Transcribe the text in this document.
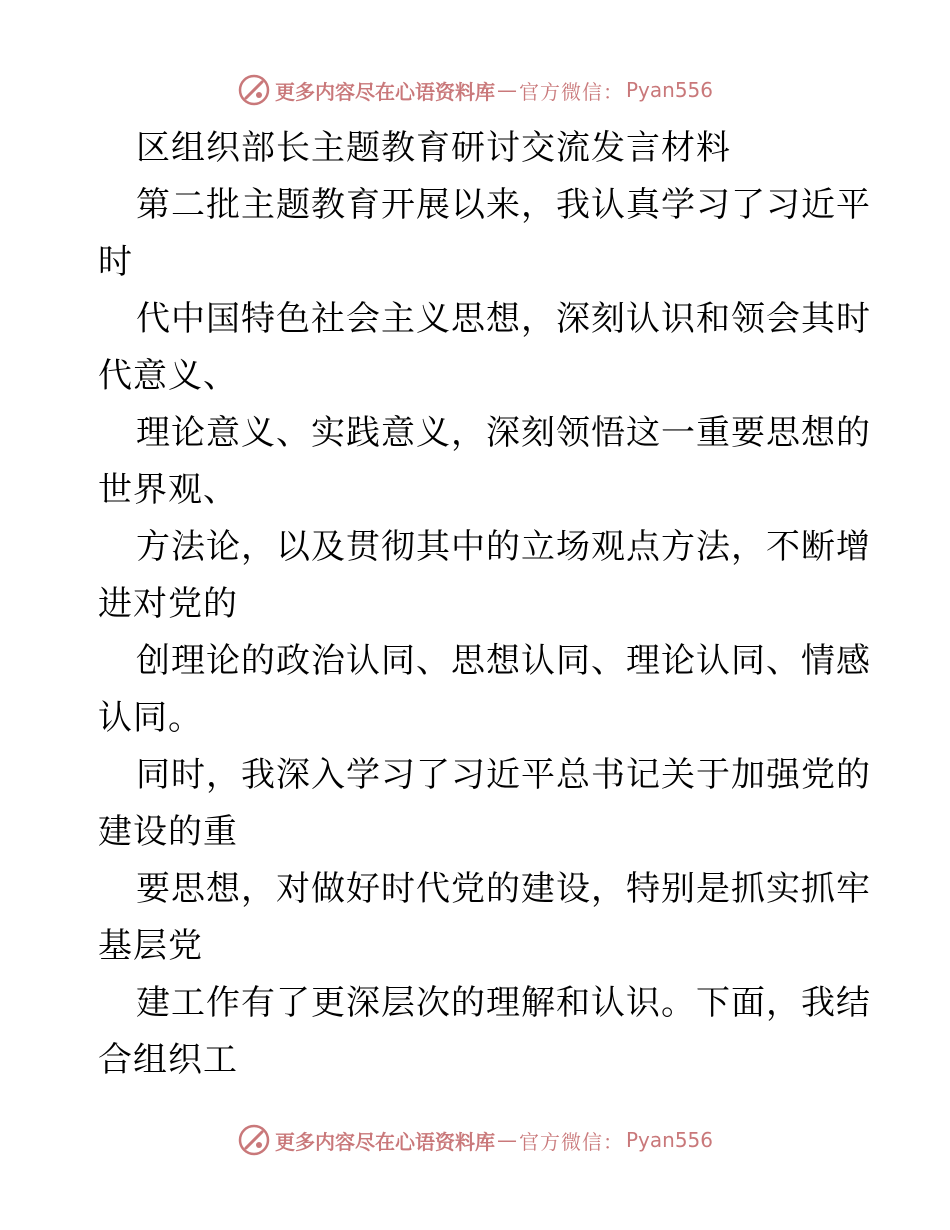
更多内容尽在心语资料库 — 官方微信： Pyan556
区组织部长主题教育研讨交流发言材料
第二批主题教育开展以来，我认真学习了习近平
时
代中国特色社会主义思想，深刻认识和领会其时
代意义、
理论意义、实践意义，深刻领悟这一重要思想的
世界观、
方法论，以及贯彻其中的立场观点方法，不断增
进对党的
创理论的政治认同、思想认同、理论认同、情感
认同。
同时，我深入学习了习近平总书记关于加强党的
建设的重
要思想，对做好时代党的建设，特别是抓实抓牢
基层党
建工作有了更深层次的理解和认识。下面，我结
合组织工
更多内容尽在心语资料库 — 官方微信： Pyan556
